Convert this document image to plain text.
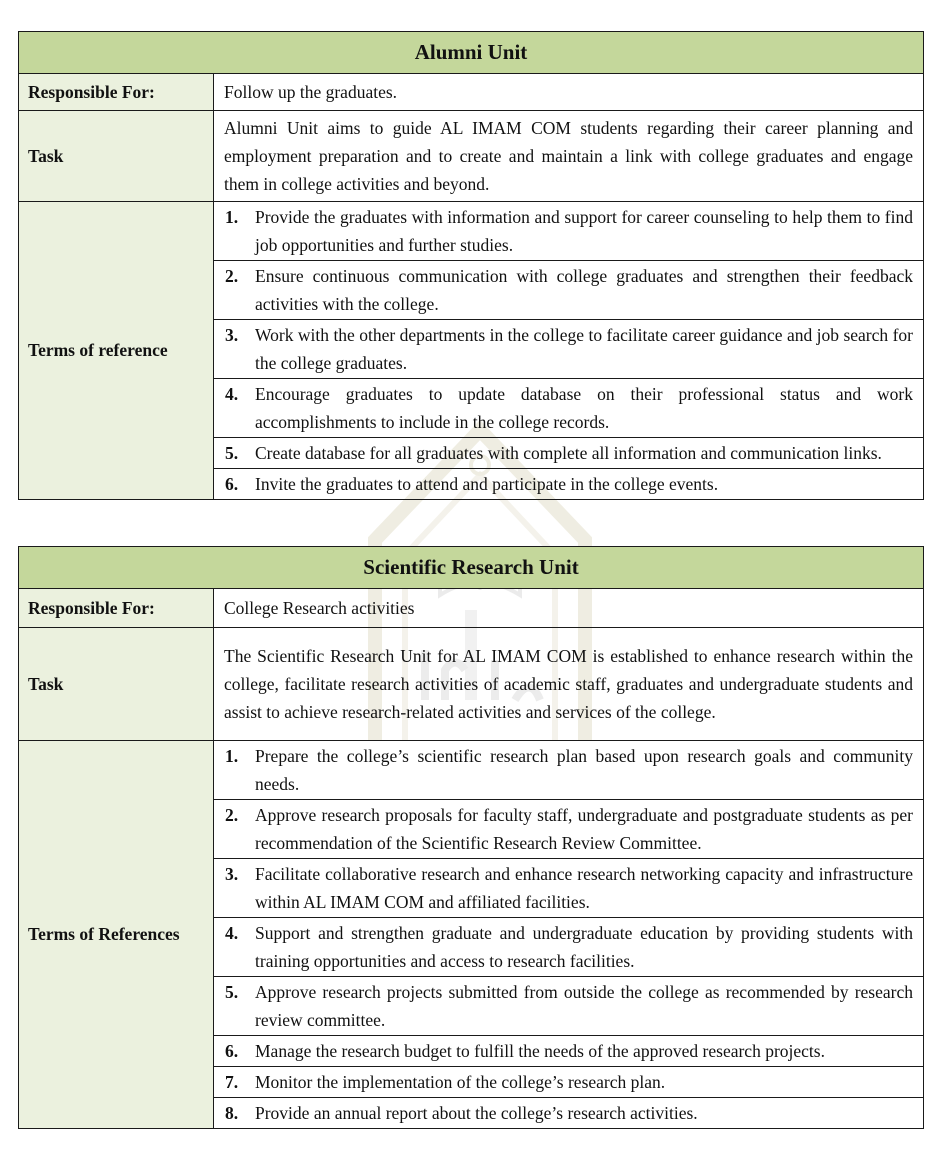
Alumni Unit	
Responsible For:	Follow up the graduates.
Task	Alumni Unit aims to guide AL IMAM COM students regarding their career planning and employment preparation and to create and maintain a link with college graduates and engage them in college activities and beyond.
Terms of reference	1. Provide the graduates with information and support for career counseling to help them to find job opportunities and further studies.

	2. Ensure continuous communication with college graduates and strengthen their feedback activities with the college.

	3. Work with the other departments in the college to facilitate career guidance and job search for the college graduates.

	4. Encourage graduates to update database on their professional status and work accomplishments to include in the college records.

	5. Create database for all graduates with complete all information and communication links.

	6. Invite the graduates to attend and participate in the college events.
Scientific Research Unit	
Responsible For:	College Research activities
Task	The Scientific Research Unit for AL IMAM COM is established to enhance research within the college, facilitate research activities of academic staff, graduates and undergraduate students and assist to achieve research-related activities and services of the college.
Terms of References	1. Prepare the college’s scientific research plan based upon research goals and community needs.

	2. Approve research proposals for faculty staff, undergraduate and postgraduate students as per recommendation of the Scientific Research Review Committee.

	3. Facilitate collaborative research and enhance research networking capacity and infrastructure within AL IMAM COM and affiliated facilities.

	4. Support and strengthen graduate and undergraduate education by providing students with training opportunities and access to research facilities.

	5. Approve research projects submitted from outside the college as recommended by research review committee.

	6. Manage the research budget to fulfill the needs of the approved research projects.

	7. Monitor the implementation of the college’s research plan.

	8. Provide an annual report about the college’s research activities.
